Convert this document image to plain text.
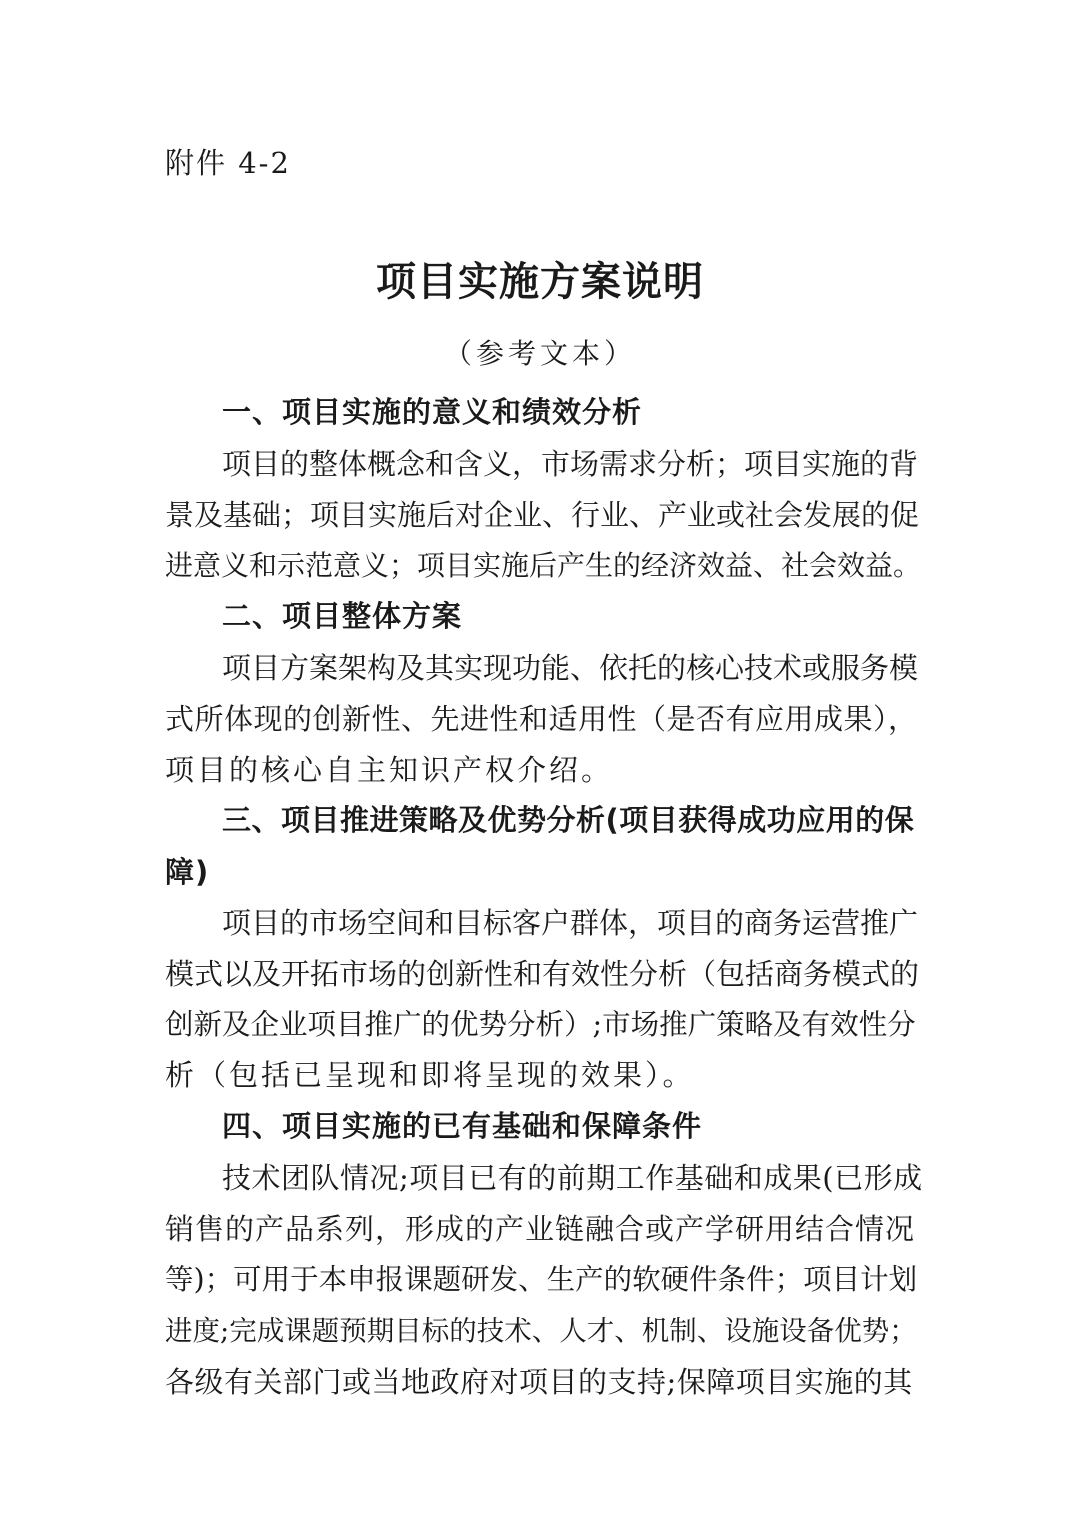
附件 4-2
项目实施方案说明
（参考文本）
一、项目实施的意义和绩效分析
项目的整体概念和含义，市场需求分析；项目实施的背
景及基础；项目实施后对企业、行业、产业或社会发展的促
进意义和示范意义；项目实施后产生的经济效益、社会效益。
二、项目整体方案
项目方案架构及其实现功能、依托的核心技术或服务模
式所体现的创新性、先进性和适用性（是否有应用成果），
项目的核心自主知识产权介绍。
三、项目推进策略及优势分析(项目获得成功应用的保
障)
项目的市场空间和目标客户群体，项目的商务运营推广
模式以及开拓市场的创新性和有效性分析（包括商务模式的
创新及企业项目推广的优势分析）;市场推广策略及有效性分
析（包括已呈现和即将呈现的效果）。
四、项目实施的已有基础和保障条件
技术团队情况;项目已有的前期工作基础和成果(已形成
销售的产品系列，形成的产业链融合或产学研用结合情况
等)；可用于本申报课题研发、生产的软硬件条件；项目计划
进度;完成课题预期目标的技术、人才、机制、设施设备优势；
各级有关部门或当地政府对项目的支持;保障项目实施的其
